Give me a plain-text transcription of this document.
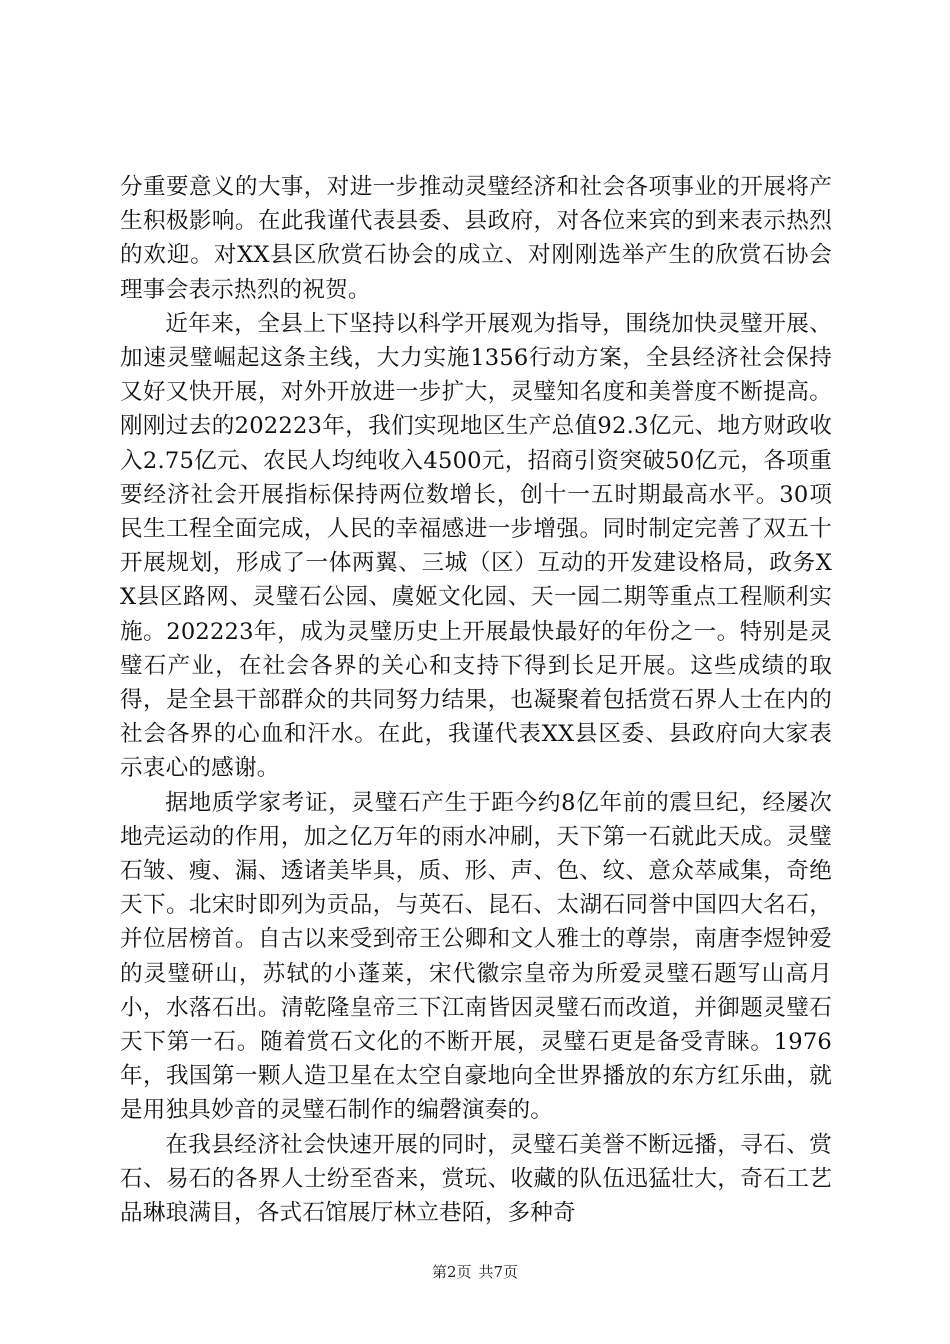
分重要意义的大事，对进一步推动灵璧经济和社会各项事业的开展将产生积极影响。在此我谨代表县委、县政府，对各位来宾的到来表示热烈的欢迎。对XX县区欣赏石协会的成立、对刚刚选举产生的欣赏石协会理事会表示热烈的祝贺。

近年来，全县上下坚持以科学开展观为指导，围绕加快灵璧开展、加速灵璧崛起这条主线，大力实施1356行动方案，全县经济社会保持又好又快开展，对外开放进一步扩大，灵璧知名度和美誉度不断提高。刚刚过去的202223年，我们实现地区生产总值92.3亿元、地方财政收入2.75亿元、农民人均纯收入4500元，招商引资突破50亿元，各项重要经济社会开展指标保持两位数增长，创十一五时期最高水平。30项民生工程全面完成，人民的幸福感进一步增强。同时制定完善了双五十开展规划，形成了一体两翼、三城（区）互动的开发建设格局，政务XX县区路网、灵璧石公园、虞姬文化园、天一园二期等重点工程顺利实施。202223年，成为灵璧历史上开展最快最好的年份之一。特别是灵璧石产业，在社会各界的关心和支持下得到长足开展。这些成绩的取得，是全县干部群众的共同努力结果，也凝聚着包括赏石界人士在内的社会各界的心血和汗水。在此，我谨代表XX县区委、县政府向大家表示衷心的感谢。

据地质学家考证，灵璧石产生于距今约8亿年前的震旦纪，经屡次地壳运动的作用，加之亿万年的雨水冲刷，天下第一石就此天成。灵璧石皱、瘦、漏、透诸美毕具，质、形、声、色、纹、意众萃咸集，奇绝天下。北宋时即列为贡品，与英石、昆石、太湖石同誉中国四大名石，并位居榜首。自古以来受到帝王公卿和文人雅士的尊崇，南唐李煜钟爱的灵璧研山，苏轼的小蓬莱，宋代徽宗皇帝为所爱灵璧石题写山高月小，水落石出。清乾隆皇帝三下江南皆因灵璧石而改道，并御题灵璧石天下第一石。随着赏石文化的不断开展，灵璧石更是备受青睐。1976年，我国第一颗人造卫星在太空自豪地向全世界播放的东方红乐曲，就是用独具妙音的灵璧石制作的编磬演奏的。

在我县经济社会快速开展的同时，灵璧石美誉不断远播，寻石、赏石、易石的各界人士纷至沓来，赏玩、收藏的队伍迅猛壮大，奇石工艺品琳琅满目，各式石馆展厅林立巷陌，多种奇

第2页 共7页
